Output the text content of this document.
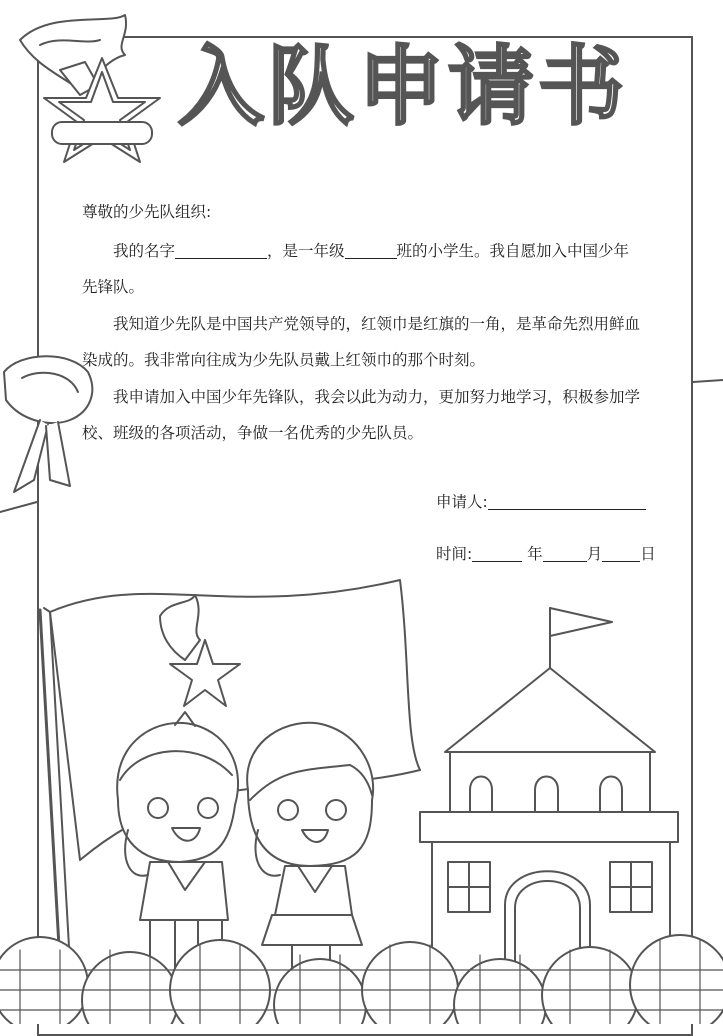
入队申请书

尊敬的少先队组织:

我的名字	，是一年级	班的小学生。我自愿加入中国少年先锋队。

我知道少先队是中国共产党领导的，红领巾是红旗的一角，是革命先烈用鲜血染成的。我非常向往成为少先队员戴上红领巾的那个时刻。

我申请加入中国少年先锋队，我会以此为动力，更加努力地学习，积极参加学校、班级的各项活动，争做一名优秀的少先队员。

申请人:
时间:	年	月 日
